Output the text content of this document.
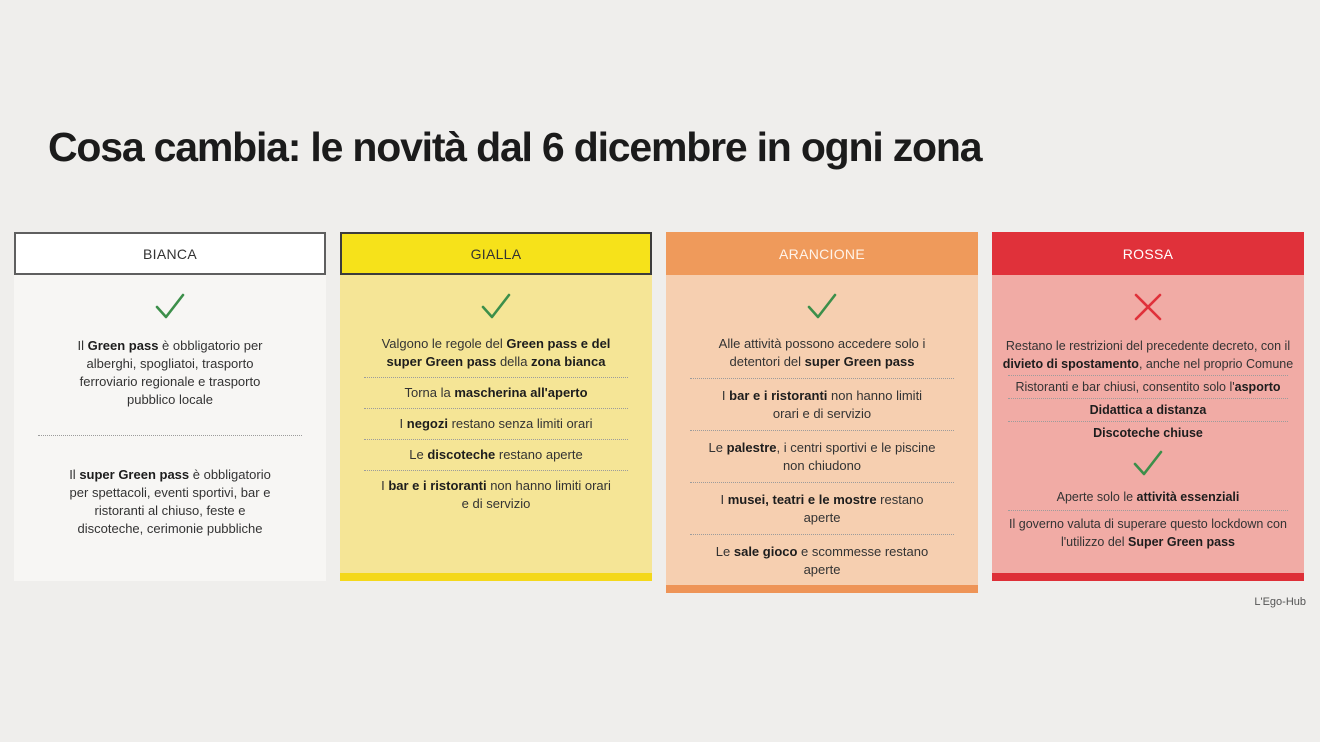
Cosa cambia: le novità dal 6 dicembre in ogni zona
BIANCA
Il Green pass è obbligatorio per alberghi, spogliatoi, trasporto ferroviario regionale e trasporto pubblico locale
Il super Green pass è obbligatorio per spettacoli, eventi sportivi, bar e ristoranti al chiuso, feste e discoteche, cerimonie pubbliche
GIALLA
Valgono le regole del Green pass e del super Green pass della zona bianca
Torna la mascherina all'aperto
I negozi restano senza limiti orari
Le discoteche restano aperte
I bar e i ristoranti non hanno limiti orari e di servizio
ARANCIONE
Alle attività possono accedere solo i detentori del super Green pass
I bar e i ristoranti non hanno limiti orari e di servizio
Le palestre, i centri sportivi e le piscine non chiudono
I musei, teatri e le mostre restano aperte
Le sale gioco e scommesse restano aperte
ROSSA
Restano le restrizioni del precedente decreto, con il divieto di spostamento, anche nel proprio Comune
Ristoranti e bar chiusi, consentito solo l'asporto
Didattica a distanza
Discoteche chiuse
Aperte solo le attività essenziali
Il governo valuta di superare questo lockdown con l'utilizzo del Super Green pass
L'Ego-Hub
